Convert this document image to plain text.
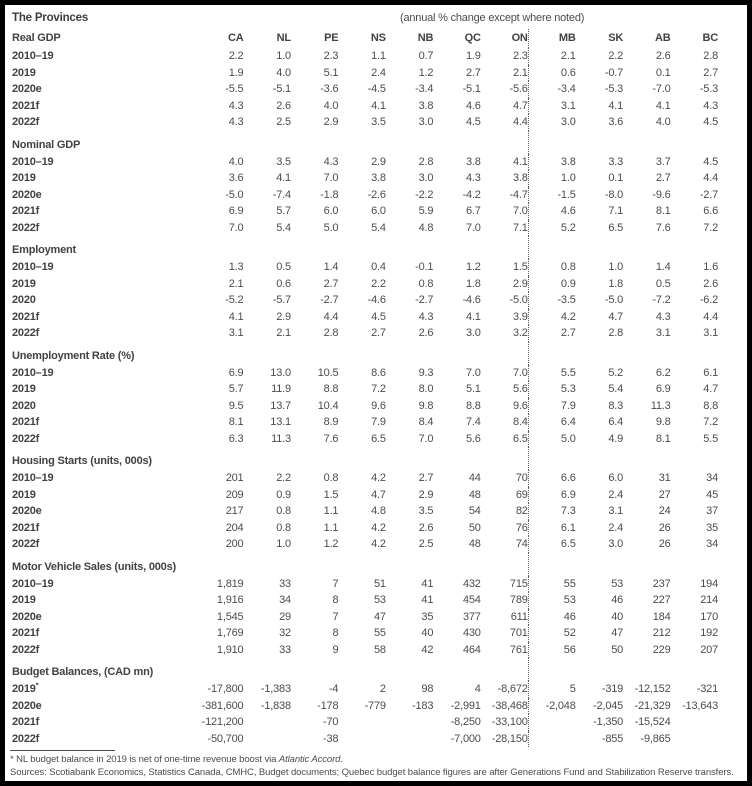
The Provinces	(annual % change except where noted)
Real GDP	CA	NL	PE	NS	NB	QC	ON	MB	SK	AB	BC
2010–19	2.2	1.0	2.3	1.1	0.7	1.9	2.3	2.1	2.2	2.6	2.8
2019	1.9	4.0	5.1	2.4	1.2	2.7	2.1	0.6	-0.7	0.1	2.7
2020e	-5.5	-5.1	-3.6	-4.5	-3.4	-5.1	-5.6	-3.4	-5.3	-7.0	-5.3
2021f	4.3	2.6	4.0	4.1	3.8	4.6	4.7	3.1	4.1	4.1	4.3
2022f	4.3	2.5	2.9	3.5	3.0	4.5	4.4	3.0	3.6	4.0	4.5
Nominal GDP											
2010–19	4.0	3.5	4.3	2.9	2.8	3.8	4.1	3.8	3.3	3.7	4.5
2019	3.6	4.1	7.0	3.8	3.0	4.3	3.8	1.0	0.1	2.7	4.4
2020e	-5.0	-7.4	-1.8	-2.6	-2.2	-4.2	-4.7	-1.5	-8.0	-9.6	-2.7
2021f	6.9	5.7	6.0	6.0	5.9	6.7	7.0	4.6	7.1	8.1	6.6
2022f	7.0	5.4	5.0	5.4	4.8	7.0	7.1	5.2	6.5	7.6	7.2
Employment											
2010–19	1.3	0.5	1.4	0.4	-0.1	1.2	1.5	0.8	1.0	1.4	1.6
2019	2.1	0.6	2.7	2.2	0.8	1.8	2.9	0.9	1.8	0.5	2.6
2020	-5.2	-5.7	-2.7	-4.6	-2.7	-4.6	-5.0	-3.5	-5.0	-7.2	-6.2
2021f	4.1	2.9	4.4	4.5	4.3	4.1	3.9	4.2	4.7	4.3	4.4
2022f	3.1	2.1	2.8	2.7	2.6	3.0	3.2	2.7	2.8	3.1	3.1
Unemployment Rate (%)											
2010–19	6.9	13.0	10.5	8.6	9.3	7.0	7.0	5.5	5.2	6.2	6.1
2019	5.7	11.9	8.8	7.2	8.0	5.1	5.6	5.3	5.4	6.9	4.7
2020	9.5	13.7	10.4	9.6	9.8	8.8	9.6	7.9	8.3	11.3	8.8
2021f	8.1	13.1	8.9	7.9	8.4	7.4	8.4	6.4	6.4	9.8	7.2
2022f	6.3	11.3	7.6	6.5	7.0	5.6	6.5	5.0	4.9	8.1	5.5
Housing Starts (units, 000s)											
2010–19	201	2.2	0.8	4.2	2.7	44	70	6.6	6.0	31	34
2019	209	0.9	1.5	4.7	2.9	48	69	6.9	2.4	27	45
2020e	217	0.8	1.1	4.8	3.5	54	82	7.3	3.1	24	37
2021f	204	0.8	1.1	4.2	2.6	50	76	6.1	2.4	26	35
2022f	200	1.0	1.2	4.2	2.5	48	74	6.5	3.0	26	34
Motor Vehicle Sales (units, 000s)											
2010–19	1,819	33	7	51	41	432	715	55	53	237	194
2019	1,916	34	8	53	41	454	789	53	46	227	214
2020e	1,545	29	7	47	35	377	611	46	40	184	170
2021f	1,769	32	8	55	40	430	701	52	47	212	192
2022f	1,910	33	9	58	42	464	761	56	50	229	207
Budget Balances, (CAD mn)											
2019*	-17,800	-1,383	-4	2	98	4	-8,672	5	-319	-12,152	-321
2020e	-381,600	-1,838	-178	-779	-183	-2,991	-38,468	-2,048	-2,045	-21,329	-13,643
2021f	-121,200		-70			-8,250	-33,100		-1,350	-15,524	
2022f	-50,700		-38			-7,000	-28,150		-855	-9,865	
* NL budget balance in 2019 is net of one-time revenue boost via Atlantic Accord.
Sources: Scotiabank Economics, Statistics Canada, CMHC, Budget documents; Quebec budget balance figures are after Generations Fund and Stabilization Reserve transfers.
